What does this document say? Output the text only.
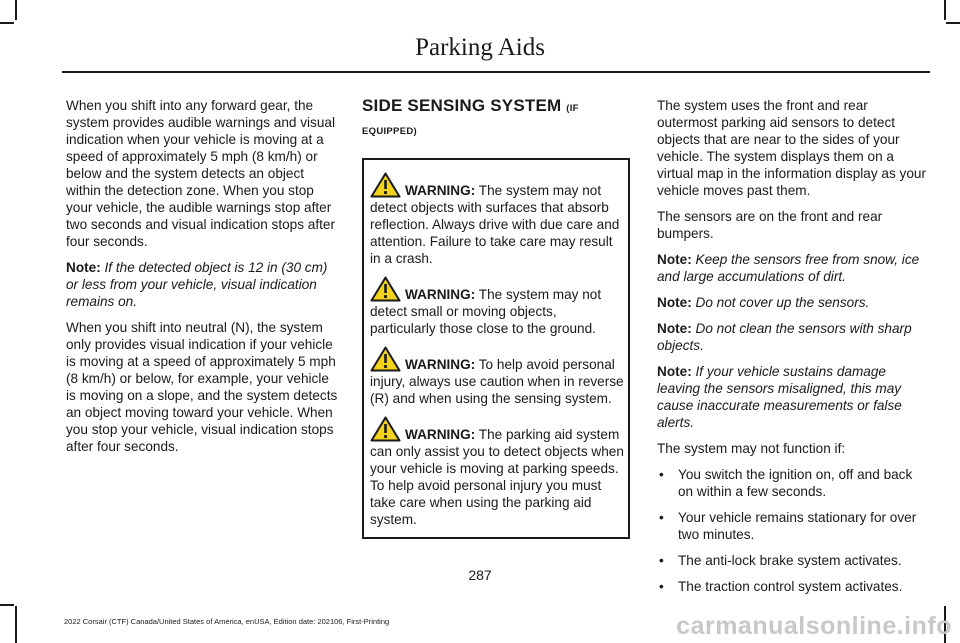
Parking Aids

When you shift into any forward gear, the system provides audible warnings and visual indication when your vehicle is moving at a speed of approximately 5 mph (8 km/h) or below and the system detects an object within the detection zone. When you stop your vehicle, the audible warnings stop after two seconds and visual indication stops after four seconds.

Note: If the detected object is 12 in (30 cm) or less from your vehicle, visual indication remains on.

When you shift into neutral (N), the system only provides visual indication if your vehicle is moving at a speed of approximately 5 mph (8 km/h) or below, for example, your vehicle is moving on a slope, and the system detects an object moving toward your vehicle. When you stop your vehicle, visual indication stops after four seconds.

SIDE SENSING SYSTEM (IF EQUIPPED)

WARNING: The system may not detect objects with surfaces that absorb reflection. Always drive with due care and attention. Failure to take care may result in a crash.

WARNING: The system may not detect small or moving objects, particularly those close to the ground.

WARNING: To help avoid personal injury, always use caution when in reverse (R) and when using the sensing system.

WARNING: The parking aid system can only assist you to detect objects when your vehicle is moving at parking speeds. To help avoid personal injury you must take care when using the parking aid system.

The system uses the front and rear outermost parking aid sensors to detect objects that are near to the sides of your vehicle. The system displays them on a virtual map in the information display as your vehicle moves past them.

The sensors are on the front and rear bumpers.

Note: Keep the sensors free from snow, ice and large accumulations of dirt.

Note: Do not cover up the sensors.

Note: Do not clean the sensors with sharp objects.

Note: If your vehicle sustains damage leaving the sensors misaligned, this may cause inaccurate measurements or false alerts.

The system may not function if:

• You switch the ignition on, off and back on within a few seconds.
• Your vehicle remains stationary for over two minutes.
• The anti-lock brake system activates.
• The traction control system activates.
287
2022 Corsair (CTF) Canada/United States of America, enUSA, Edition date: 202106, First-Printing	carmanualsonline.info
